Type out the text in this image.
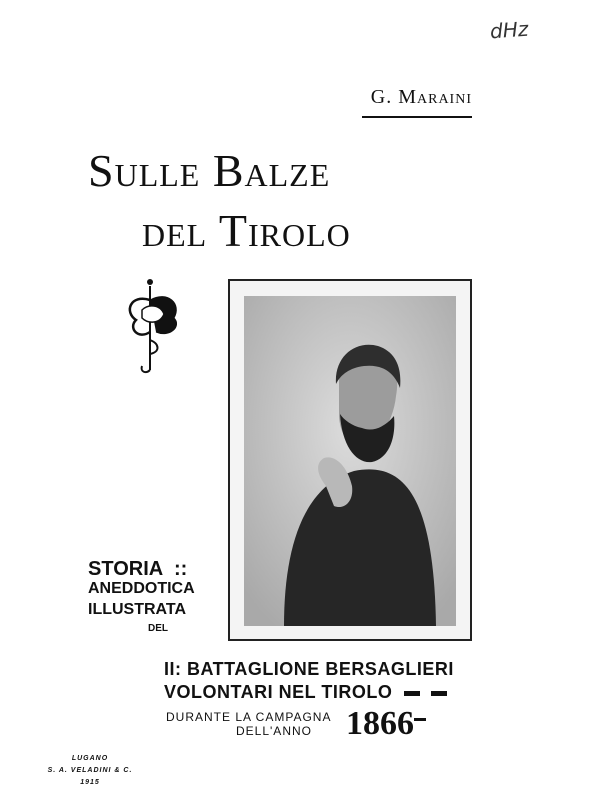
dHz
G. Maraini
Sulle Balze
del Tirolo
STORIA ::
ANEDDOTICA
ILLUSTRATA
DEL
II: BATTAGLIONE BERSAGLIERI
VOLONTARI NEL TIROLO
DURANTE LA CAMPAGNA
DELL'ANNO 1866
LUGANO
S. A. VELADINI & C.
1915
